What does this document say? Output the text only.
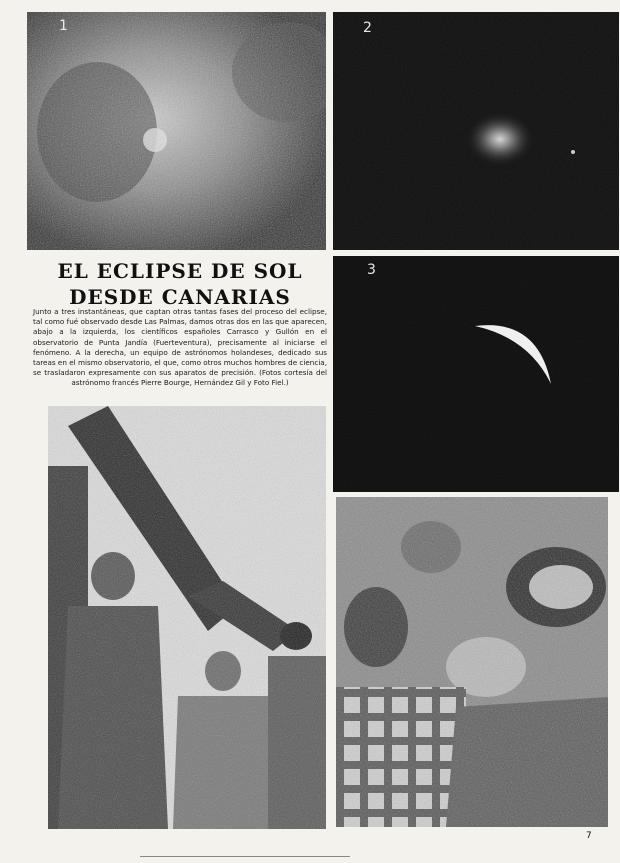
1	2
3
EL ECLIPSE DE SOL DESDE CANARIAS
Junto a tres instantáneas, que captan otras tantas fases del proceso del eclipse, tal como fué observado desde Las Palmas, damos otras dos en las que aparecen, abajo a la izquierda, los científicos españoles Carrasco y Gullón en el observatorio de Punta Jandía (Fuerteventura), precisamente al iniciarse el fenómeno. A la derecha, un equipo de astrónomos holandeses, dedicado sus tareas en el mismo observatorio, el que, como otros muchos hombres de ciencia, se trasladaron expresamente con sus aparatos de precisión. (Fotos cortesía del astrónomo francés Pierre Bourge, Hernández Gil y Foto Fiel.)
7
